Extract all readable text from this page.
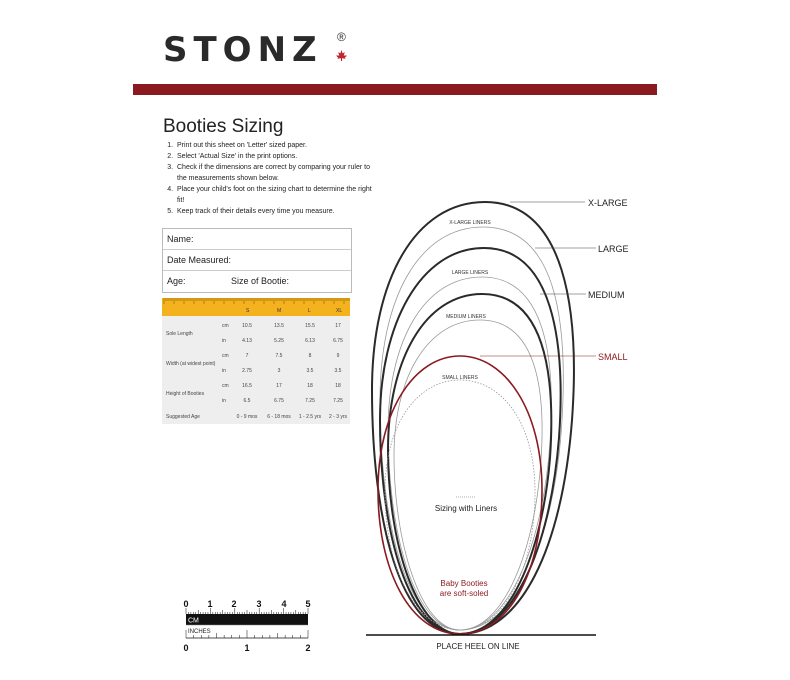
STONZ ®
Booties Sizing
1. Print out this sheet on 'Letter' sized paper.
2. Select 'Actual Size' in the print options.
3. Check if the dimensions are correct by comparing your ruler to the measurements shown below.
4. Place your child's foot on the sizing chart to determine the right fit!
5. Keep track of their details every time you measure.
Name:
Date Measured:
Age:	Size of Bootie:
S	M	L	XL
Sole Length
cm	10.5	13.5	15.5	17
in	4.13	5.25	6.13	6.75
Width (at widest point)
cm	7	7.5	8	9
in	2.75	3	3.5	3.5
Height of Booties
cm	16.5	17	18	18
in	6.5	6.75	7.25	7.25
Suggested Age	0 - 9 mos	6 - 18 mos	1 - 2.5 yrs	2 - 3 yrs
0 1 2 3 4 5
CM
INCHES
0	1	2
X-LARGE
LARGE
MEDIUM
SMALL
X-LARGE LINERS
LARGE LINERS
MEDIUM LINERS
SMALL LINERS
Sizing with Liners
Baby Booties
are soft-soled
PLACE HEEL ON LINE
